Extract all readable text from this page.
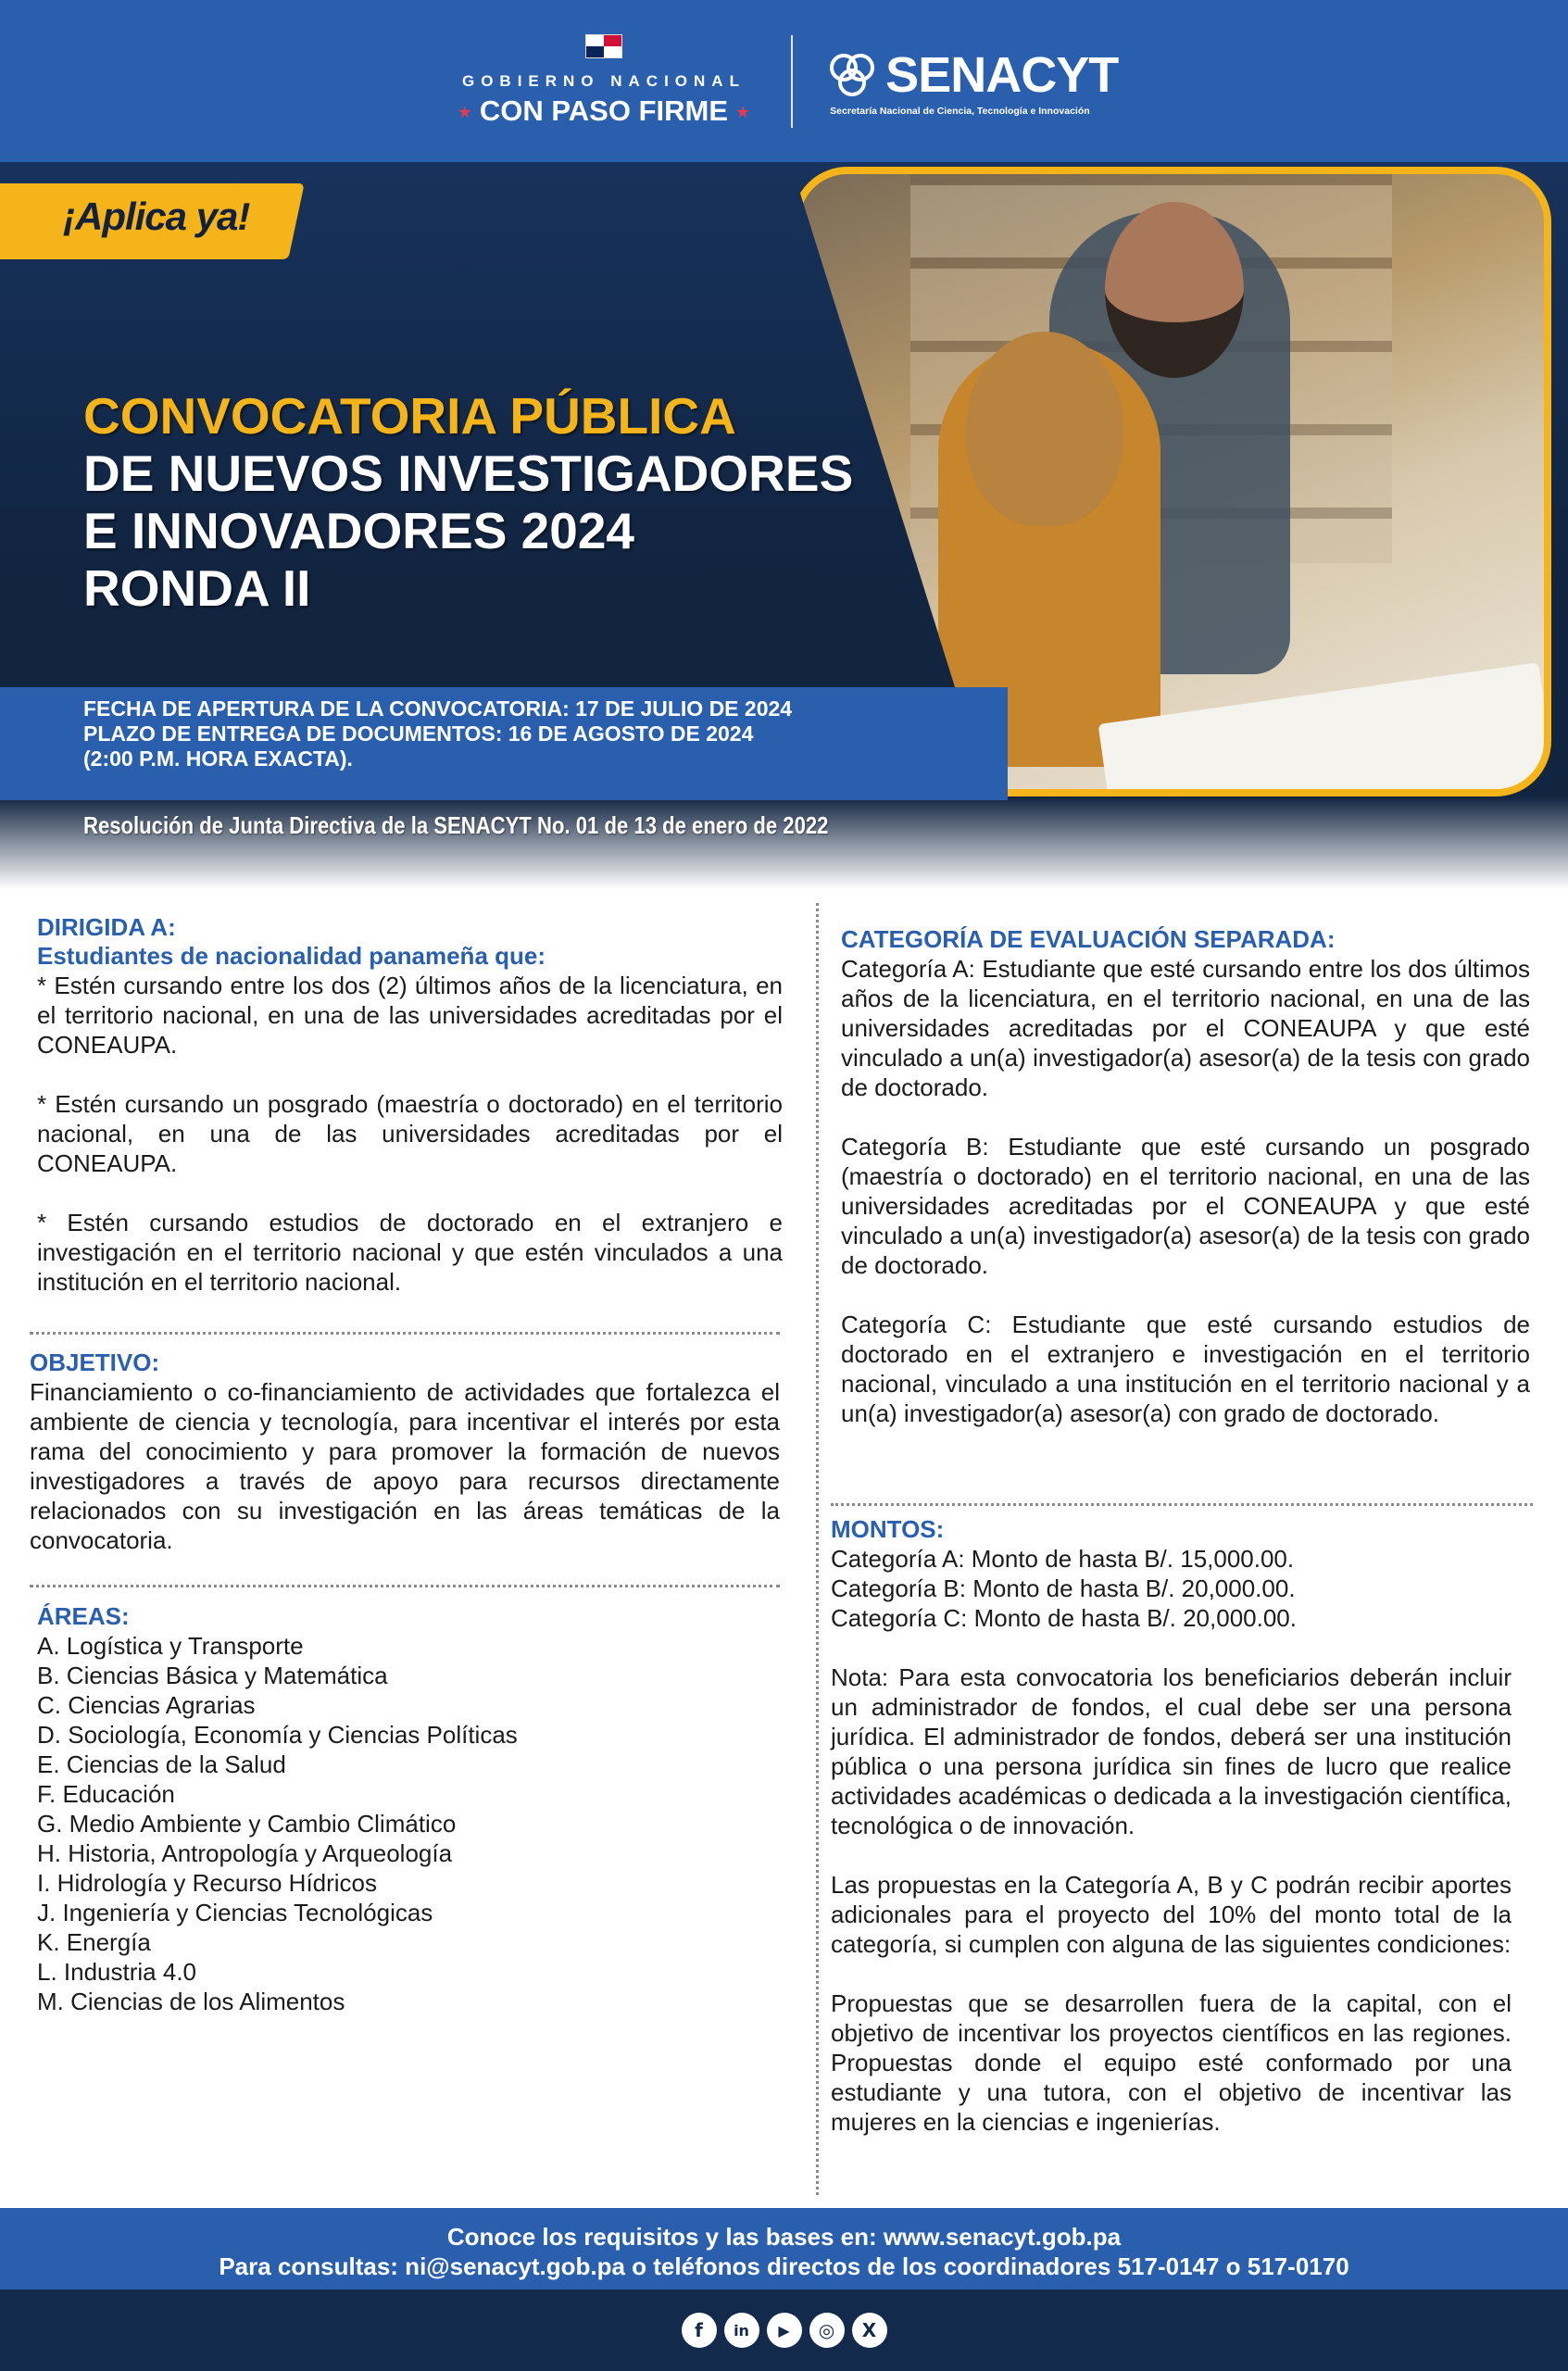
GOBIERNO NACIONAL
★ CON PASO FIRME ★
SENACYT
Secretaría Nacional de Ciencia, Tecnología e Innovación
¡Aplica ya!
CONVOCATORIA PÚBLICA
DE NUEVOS INVESTIGADORES
E INNOVADORES 2024
RONDA II
FECHA DE APERTURA DE LA CONVOCATORIA: 17 DE JULIO DE 2024
PLAZO DE ENTREGA DE DOCUMENTOS: 16 DE AGOSTO DE 2024
(2:00 P.M. HORA EXACTA).
Resolución de Junta Directiva de la SENACYT No. 01 de 13 de enero de 2022
DIRIGIDA A:
Estudiantes de nacionalidad panameña que:
* Estén cursando entre los dos (2) últimos años de la licenciatura, en el territorio nacional, en una de las universidades acreditadas por el CONEAUPA.
* Estén cursando un posgrado (maestría o doctorado) en el territorio nacional, en una de las universidades acreditadas por el CONEAUPA.
* Estén cursando estudios de doctorado en el extranjero e investigación en el territorio nacional y que estén vinculados a una institución en el territorio nacional.
OBJETIVO:
Financiamiento o co-financiamiento de actividades que fortalezca el ambiente de ciencia y tecnología, para incentivar el interés por esta rama del conocimiento y para promover la formación de nuevos investigadores a través de apoyo para recursos directamente relacionados con su investigación en las áreas temáticas de la convocatoria.
ÁREAS:
A. Logística y Transporte
B. Ciencias Básica y Matemática
C. Ciencias Agrarias
D. Sociología, Economía y Ciencias Políticas
E. Ciencias de la Salud
F. Educación
G. Medio Ambiente y Cambio Climático
H. Historia, Antropología y Arqueología
I. Hidrología y Recurso Hídricos
J. Ingeniería y Ciencias Tecnológicas
K. Energía
L. Industria 4.0
M. Ciencias de los Alimentos
CATEGORÍA DE EVALUACIÓN SEPARADA:
Categoría A: Estudiante que esté cursando entre los dos últimos años de la licenciatura, en el territorio nacional, en una de las universidades acreditadas por el CONEAUPA y que esté vinculado a un(a) investigador(a) asesor(a) de la tesis con grado de doctorado.
Categoría B: Estudiante que esté cursando un posgrado (maestría o doctorado) en el territorio nacional, en una de las universidades acreditadas por el CONEAUPA y que esté vinculado a un(a) investigador(a) asesor(a) de la tesis con grado de doctorado.
Categoría C: Estudiante que esté cursando estudios de doctorado en el extranjero e investigación en el territorio nacional, vinculado a una institución en el territorio nacional y a un(a) investigador(a) asesor(a) con grado de doctorado.
MONTOS:
Categoría A: Monto de hasta B/. 15,000.00.
Categoría B: Monto de hasta B/. 20,000.00.
Categoría C: Monto de hasta B/. 20,000.00.
Nota: Para esta convocatoria los beneficiarios deberán incluir un administrador de fondos, el cual debe ser una persona jurídica. El administrador de fondos, deberá ser una institución pública o una persona jurídica sin fines de lucro que realice actividades académicas o dedicada a la investigación científica, tecnológica o de innovación.
Las propuestas en la Categoría A, B y C podrán recibir aportes adicionales para el proyecto del 10% del monto total de la categoría, si cumplen con alguna de las siguientes condiciones:
Propuestas que se desarrollen fuera de la capital, con el objetivo de incentivar los proyectos científicos en las regiones. Propuestas donde el equipo esté conformado por una estudiante y una tutora, con el objetivo de incentivar las mujeres en la ciencias e ingenierías.
Conoce los requisitos y las bases en: www.senacyt.gob.pa
Para consultas: ni@senacyt.gob.pa o teléfonos directos de los coordinadores 517-0147 o 517-0170
f	in	▶	◎	X
